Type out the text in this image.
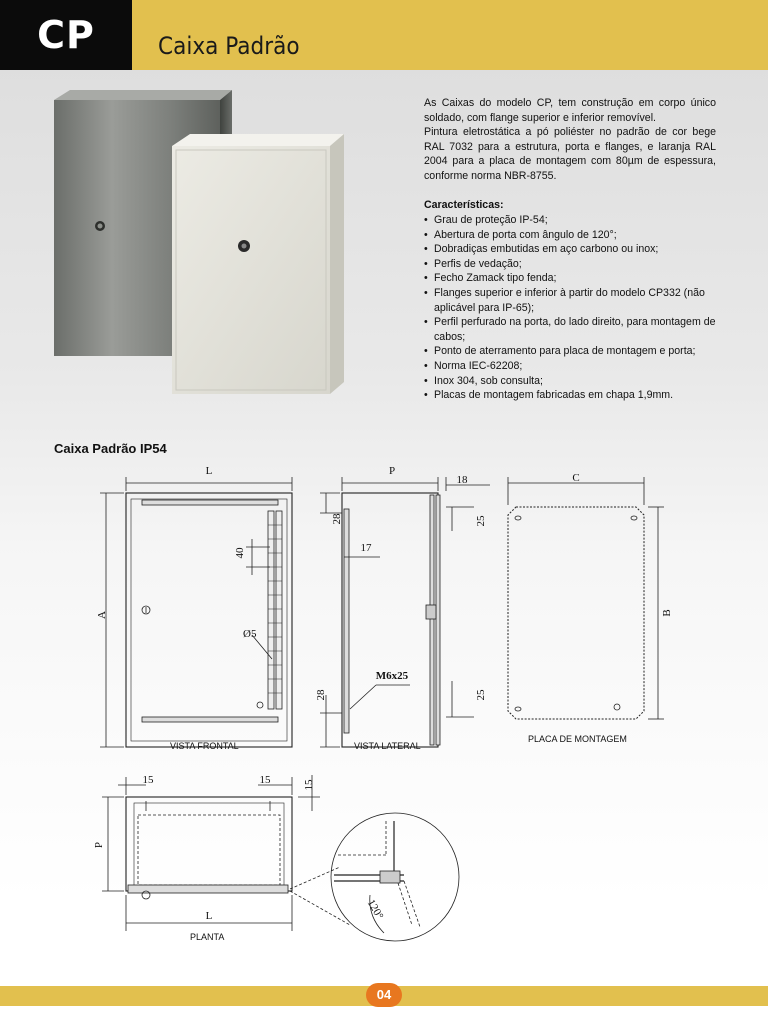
CP	Caixa Padrão

As Caixas do modelo CP, tem construção em corpo único soldado, com flange superior e inferior removível.

Pintura eletrostática a pó poliéster no padrão de cor bege RAL 7032 para a estrutura, porta e flanges, e laranja RAL 2004 para a placa de montagem com 80µm de espessura, conforme norma NBR-8755.

Características:
• Grau de proteção IP-54;
• Abertura de porta com ângulo de 120°;
• Dobradiças embutidas em aço carbono ou inox;
• Perfis de vedação;
• Fecho Zamack tipo fenda;
• Flanges superior e inferior à partir do modelo CP332 (não aplicável para IP-65);
• Perfil perfurado na porta, do lado direito, para montagem de cabos;
• Ponto de aterramento para placa de montagem e porta;
• Norma IEC-62208;
• Inox 304, sob consulta;
• Placas de montagem fabricadas em chapa 1,9mm.
Caixa Padrão IP54
L
A
40
Ø5
P
18
28	25
17
M6x25
28	25
C
B
15	15	15
P
L	120°
VISTA FRONTAL	VISTA LATERAL
PLACA DE MONTAGEM
PLANTA
04
